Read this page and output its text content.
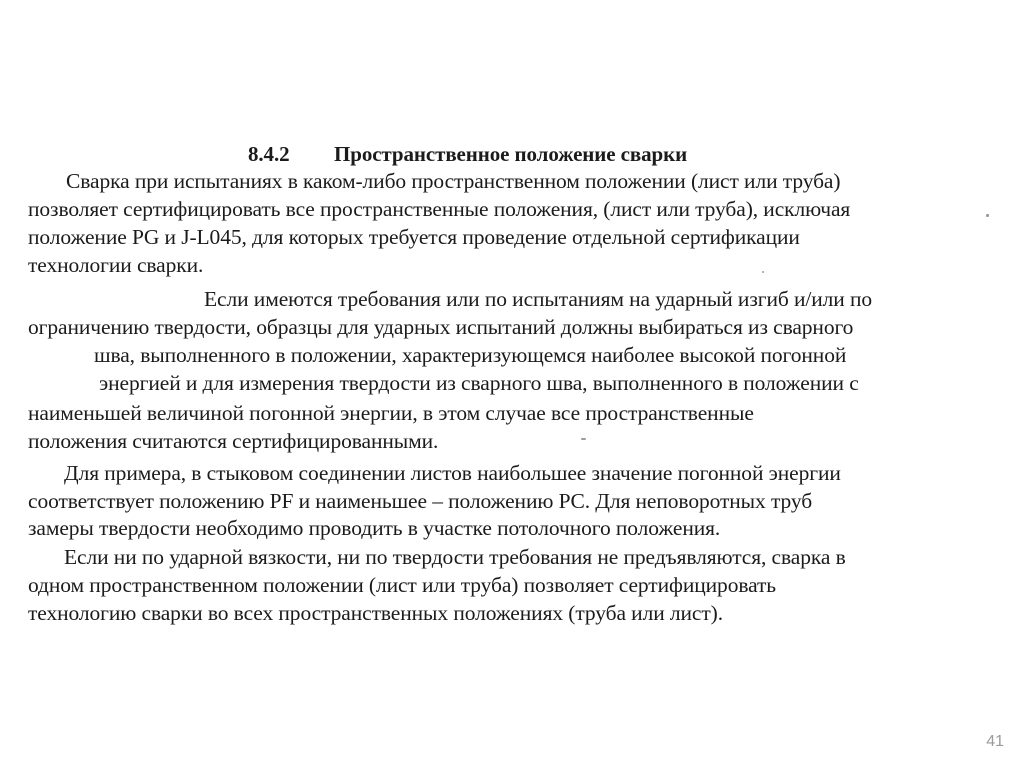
8.4.2 Пространственное положение сварки
Сварка при испытаниях в каком-либо пространственном положении (лист или труба)
позволяет сертифицировать все пространственные положения, (лист или труба), исключая
положение PG и J-L045, для которых требуется проведение отдельной сертификации
технологии сварки.
Если имеются требования или по испытаниям на ударный изгиб и/или по
ограничению твердости, образцы для ударных испытаний должны выбираться из сварного
шва, выполненного в положении, характеризующемся наиболее высокой погонной
энергией и для измерения твердости из сварного шва, выполненного в положении с
наименьшей величиной погонной энергии, в этом случае все пространственные
положения считаются сертифицированными.
Для примера, в стыковом соединении листов наибольшее значение погонной энергии
соответствует положению PF и наименьшее – положению PC. Для неповоротных труб
замеры твердости необходимо проводить в участке потолочного положения.
Если ни по ударной вязкости, ни по твердости требования не предъявляются, сварка в
одном пространственном положении (лист или труба) позволяет сертифицировать
технологию сварки во всех пространственных положениях (труба или лист).
41
